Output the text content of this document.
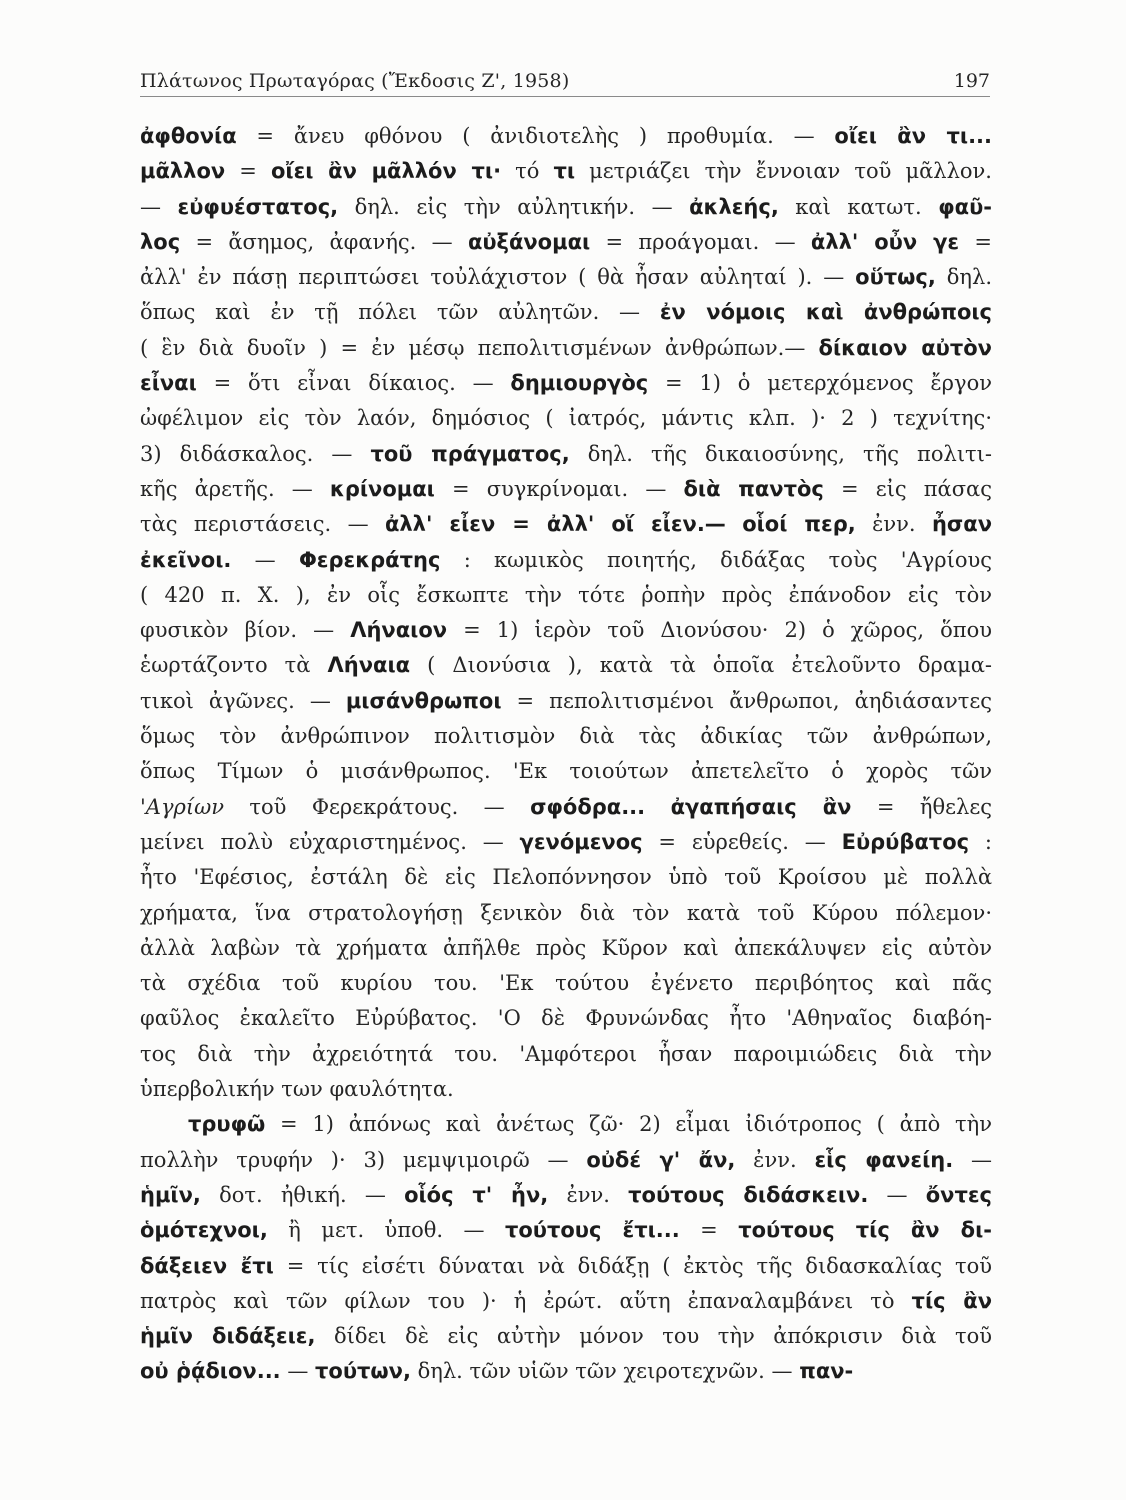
Πλάτωνος Πρωταγόρας (Ἔκδοσις Ζ', 1958)	197
ἀφθονία = ἄνευ φθόνου ( ἀνιδιοτελὴς ) προθυμία. — οἴει ἂν τι...
μᾶλλον = οἴει ἂν μᾶλλόν τι· τό τι μετριάζει τὴν ἔννοιαν τοῦ μᾶλλον.
— εὐφυέστατος, δηλ. εἰς τὴν αὐλητικήν. — ἀκλεής, καὶ κατωτ. φαῦ-
λος = ἄσημος, ἀφανής. — αὐξάνομαι = προάγομαι. — ἀλλ' οὖν γε =
ἀλλ' ἐν πάσῃ περιπτώσει τοὐλάχιστον ( θὰ ἦσαν αὐληταί ). — οὕτως, δηλ.
ὅπως καὶ ἐν τῇ πόλει τῶν αὐλητῶν. — ἐν νόμοις καὶ ἀνθρώποις
( ἓν διὰ δυοῖν ) = ἐν μέσῳ πεπολιτισμένων ἀνθρώπων.— δίκαιον αὐτὸν
εἶναι = ὅτι εἶναι δίκαιος. — δημιουργὸς = 1) ὁ μετερχόμενος ἔργον
ὠφέλιμον εἰς τὸν λαόν, δημόσιος ( ἰατρός, μάντις κλπ. )· 2 ) τεχνίτης·
3) διδάσκαλος. — τοῦ πράγματος, δηλ. τῆς δικαιοσύνης, τῆς πολιτι-
κῆς ἀρετῆς. — κρίνομαι = συγκρίνομαι. — διὰ παντὸς = εἰς πάσας
τὰς περιστάσεις. — ἀλλ' εἶεν = ἀλλ' οἵ εἶεν.— οἷοί περ, ἐνν. ἦσαν
ἐκεῖνοι. — Φερεκράτης : κωμικὸς ποιητής, διδάξας τοὺς 'Αγρίους
( 420 π. Χ. ), ἐν οἷς ἔσκωπτε τὴν τότε ῥοπὴν πρὸς ἐπάνοδον εἰς τὸν
φυσικὸν βίον. — Λήναιον = 1) ἱερὸν τοῦ Διονύσου· 2) ὁ χῶρος, ὅπου
ἑωρτάζοντο τὰ Λήναια ( Διονύσια ), κατὰ τὰ ὁποῖα ἐτελοῦντο δραμα-
τικοὶ ἀγῶνες. — μισάνθρωποι = πεπολιτισμένοι ἄνθρωποι, ἀηδιάσαντες
ὅμως τὸν ἀνθρώπινον πολιτισμὸν διὰ τὰς ἀδικίας τῶν ἀνθρώπων,
ὅπως Τίμων ὁ μισάνθρωπος. 'Εκ τοιούτων ἀπετελεῖτο ὁ χορὸς τῶν
'Αγρίων τοῦ Φερεκράτους. — σφόδρα... ἀγαπήσαις ἂν = ἤθελες
μείνει πολὺ εὐχαριστημένος. — γενόμενος = εὑρεθείς. — Εὐρύβατος :
ἦτο 'Εφέσιος, ἐστάλη δὲ εἰς Πελοπόννησον ὑπὸ τοῦ Κροίσου μὲ πολλὰ
χρήματα, ἵνα στρατολογήσῃ ξενικὸν διὰ τὸν κατὰ τοῦ Κύρου πόλεμον·
ἀλλὰ λαβὼν τὰ χρήματα ἀπῆλθε πρὸς Κῦρον καὶ ἀπεκάλυψεν εἰς αὐτὸν
τὰ σχέδια τοῦ κυρίου του. 'Εκ τούτου ἐγένετο περιβόητος καὶ πᾶς
φαῦλος ἐκαλεῖτο Εὐρύβατος. 'Ο δὲ Φρυνώνδας ἦτο 'Αθηναῖος διαβόη-
τος διὰ τὴν ἀχρειότητά του. 'Αμφότεροι ἦσαν παροιμιώδεις διὰ τὴν
ὑπερβολικήν των φαυλότητα.
τρυφῶ = 1) ἀπόνως καὶ ἀνέτως ζῶ· 2) εἶμαι ἰδιότροπος ( ἀπὸ τὴν
πολλὴν τρυφήν )· 3) μεμψιμοιρῶ — οὐδέ γ' ἄν, ἐνν. εἷς φανείη. —
ἡμῖν, δοτ. ἠθική. — οἷός τ' ἦν, ἐνν. τούτους διδάσκειν. — ὄντες
ὁμότεχνοι, ἢ μετ. ὑποθ. — τούτους ἔτι... = τούτους τίς ἂν δι-
δάξειεν ἔτι = τίς εἰσέτι δύναται νὰ διδάξῃ ( ἐκτὸς τῆς διδασκαλίας τοῦ
πατρὸς καὶ τῶν φίλων του )· ἡ ἐρώτ. αὕτη ἐπαναλαμβάνει τὸ τίς ἂν
ἡμῖν διδάξειε, δίδει δὲ εἰς αὐτὴν μόνον του τὴν ἀπόκρισιν διὰ τοῦ
οὐ ῥᾴδιον... — τούτων, δηλ. τῶν υἱῶν τῶν χειροτεχνῶν. — παν-
